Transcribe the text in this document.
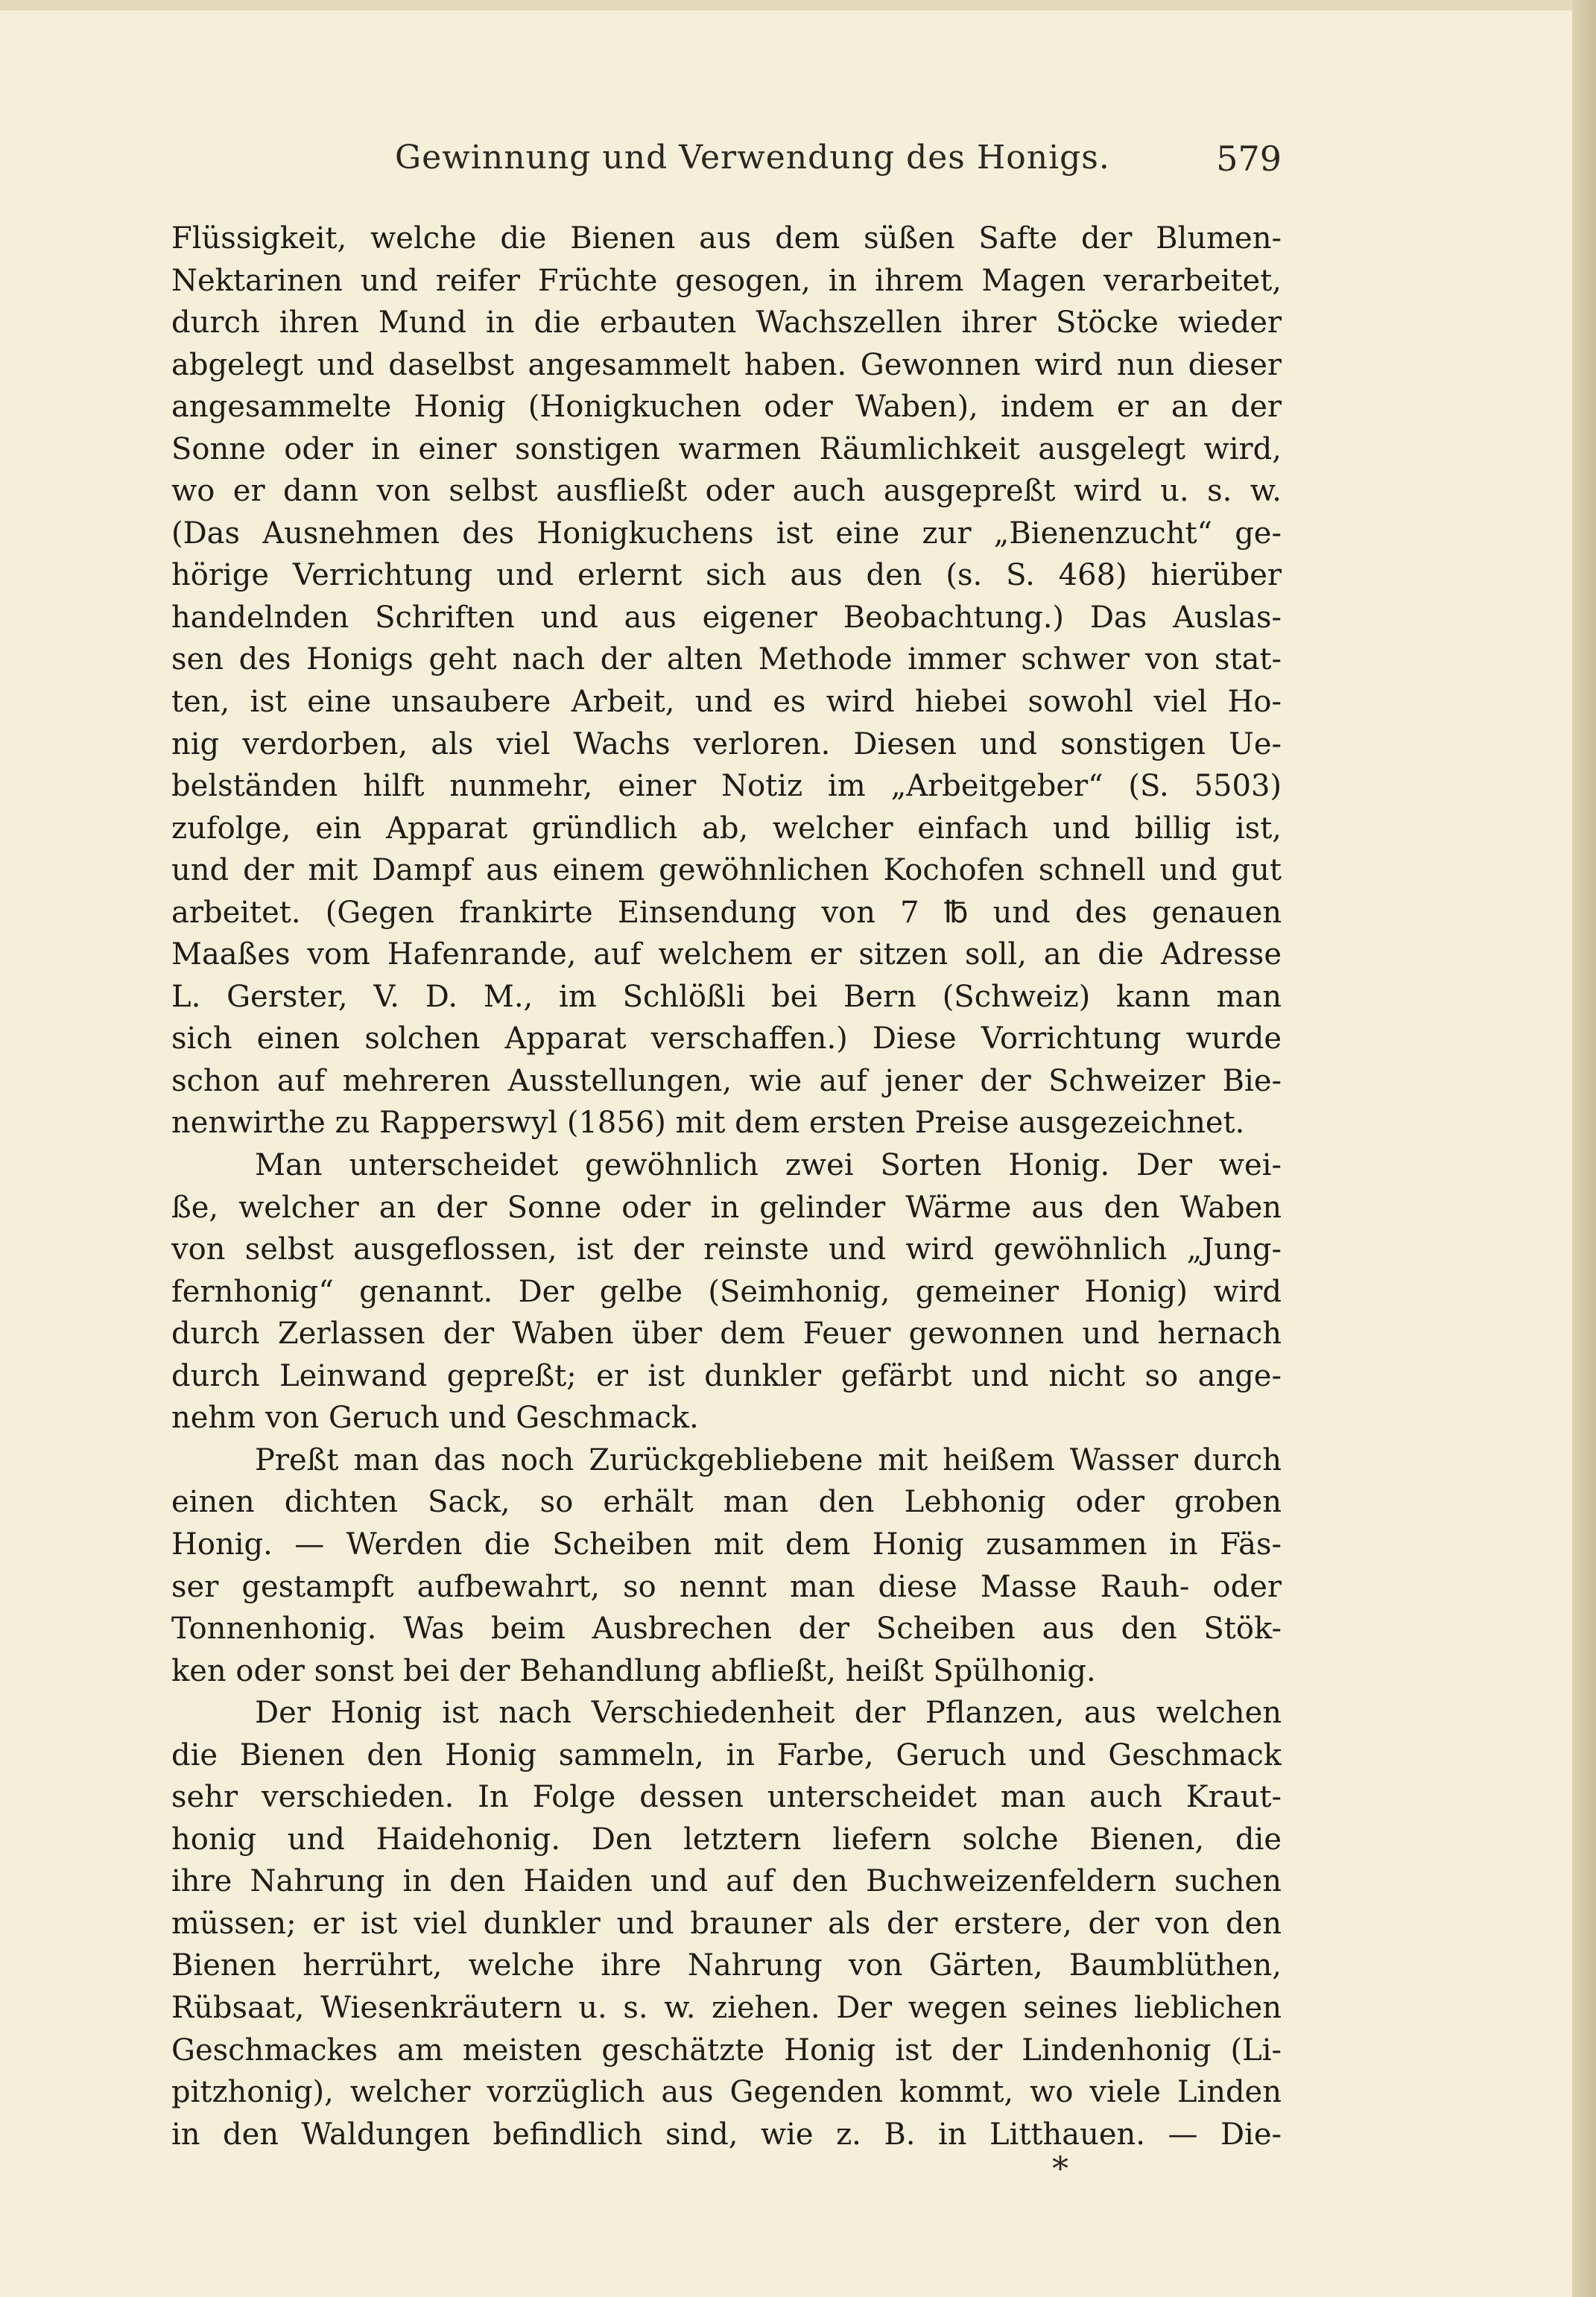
Gewinnung und Verwendung des Honigs.	579
Flüssigkeit, welche die Bienen aus dem süßen Safte der Blumen-
Nektarinen und reifer Früchte gesogen, in ihrem Magen verarbeitet,
durch ihren Mund in die erbauten Wachszellen ihrer Stöcke wieder
abgelegt und daselbst angesammelt haben. Gewonnen wird nun dieser
angesammelte Honig (Honigkuchen oder Waben), indem er an der
Sonne oder in einer sonstigen warmen Räumlichkeit ausgelegt wird,
wo er dann von selbst ausfließt oder auch ausgepreßt wird u. s. w.
(Das Ausnehmen des Honigkuchens ist eine zur „Bienenzucht“ ge-
hörige Verrichtung und erlernt sich aus den (s. S. 468) hierüber
handelnden Schriften und aus eigener Beobachtung.) Das Auslas-
sen des Honigs geht nach der alten Methode immer schwer von stat-
ten, ist eine unsaubere Arbeit, und es wird hiebei sowohl viel Ho-
nig verdorben, als viel Wachs verloren. Diesen und sonstigen Ue-
belständen hilft nunmehr, einer Notiz im „Arbeitgeber“ (S. 5503)
zufolge, ein Apparat gründlich ab, welcher einfach und billig ist,
und der mit Dampf aus einem gewöhnlichen Kochofen schnell und gut
arbeitet. (Gegen frankirte Einsendung von 7 ℔ und des genauen
Maaßes vom Hafenrande, auf welchem er sitzen soll, an die Adresse
L. Gerster, V. D. M., im Schlößli bei Bern (Schweiz) kann man
sich einen solchen Apparat verschaffen.) Diese Vorrichtung wurde
schon auf mehreren Ausstellungen, wie auf jener der Schweizer Bie-
nenwirthe zu Rapperswyl (1856) mit dem ersten Preise ausgezeichnet.
Man unterscheidet gewöhnlich zwei Sorten Honig. Der wei-
ße, welcher an der Sonne oder in gelinder Wärme aus den Waben
von selbst ausgeflossen, ist der reinste und wird gewöhnlich „Jung-
fernhonig“ genannt. Der gelbe (Seimhonig, gemeiner Honig) wird
durch Zerlassen der Waben über dem Feuer gewonnen und hernach
durch Leinwand gepreßt; er ist dunkler gefärbt und nicht so ange-
nehm von Geruch und Geschmack.
Preßt man das noch Zurückgebliebene mit heißem Wasser durch
einen dichten Sack, so erhält man den Lebhonig oder groben
Honig. — Werden die Scheiben mit dem Honig zusammen in Fäs-
ser gestampft aufbewahrt, so nennt man diese Masse Rauh- oder
Tonnenhonig. Was beim Ausbrechen der Scheiben aus den Stök-
ken oder sonst bei der Behandlung abfließt, heißt Spülhonig.
Der Honig ist nach Verschiedenheit der Pflanzen, aus welchen
die Bienen den Honig sammeln, in Farbe, Geruch und Geschmack
sehr verschieden. In Folge dessen unterscheidet man auch Kraut-
honig und Haidehonig. Den letztern liefern solche Bienen, die
ihre Nahrung in den Haiden und auf den Buchweizenfeldern suchen
müssen; er ist viel dunkler und brauner als der erstere, der von den
Bienen herrührt, welche ihre Nahrung von Gärten, Baumblüthen,
Rübsaat, Wiesenkräutern u. s. w. ziehen. Der wegen seines lieblichen
Geschmackes am meisten geschätzte Honig ist der Lindenhonig (Li-
pitzhonig), welcher vorzüglich aus Gegenden kommt, wo viele Linden
in den Waldungen befindlich sind, wie z. B. in Litthauen. — Die-
*
